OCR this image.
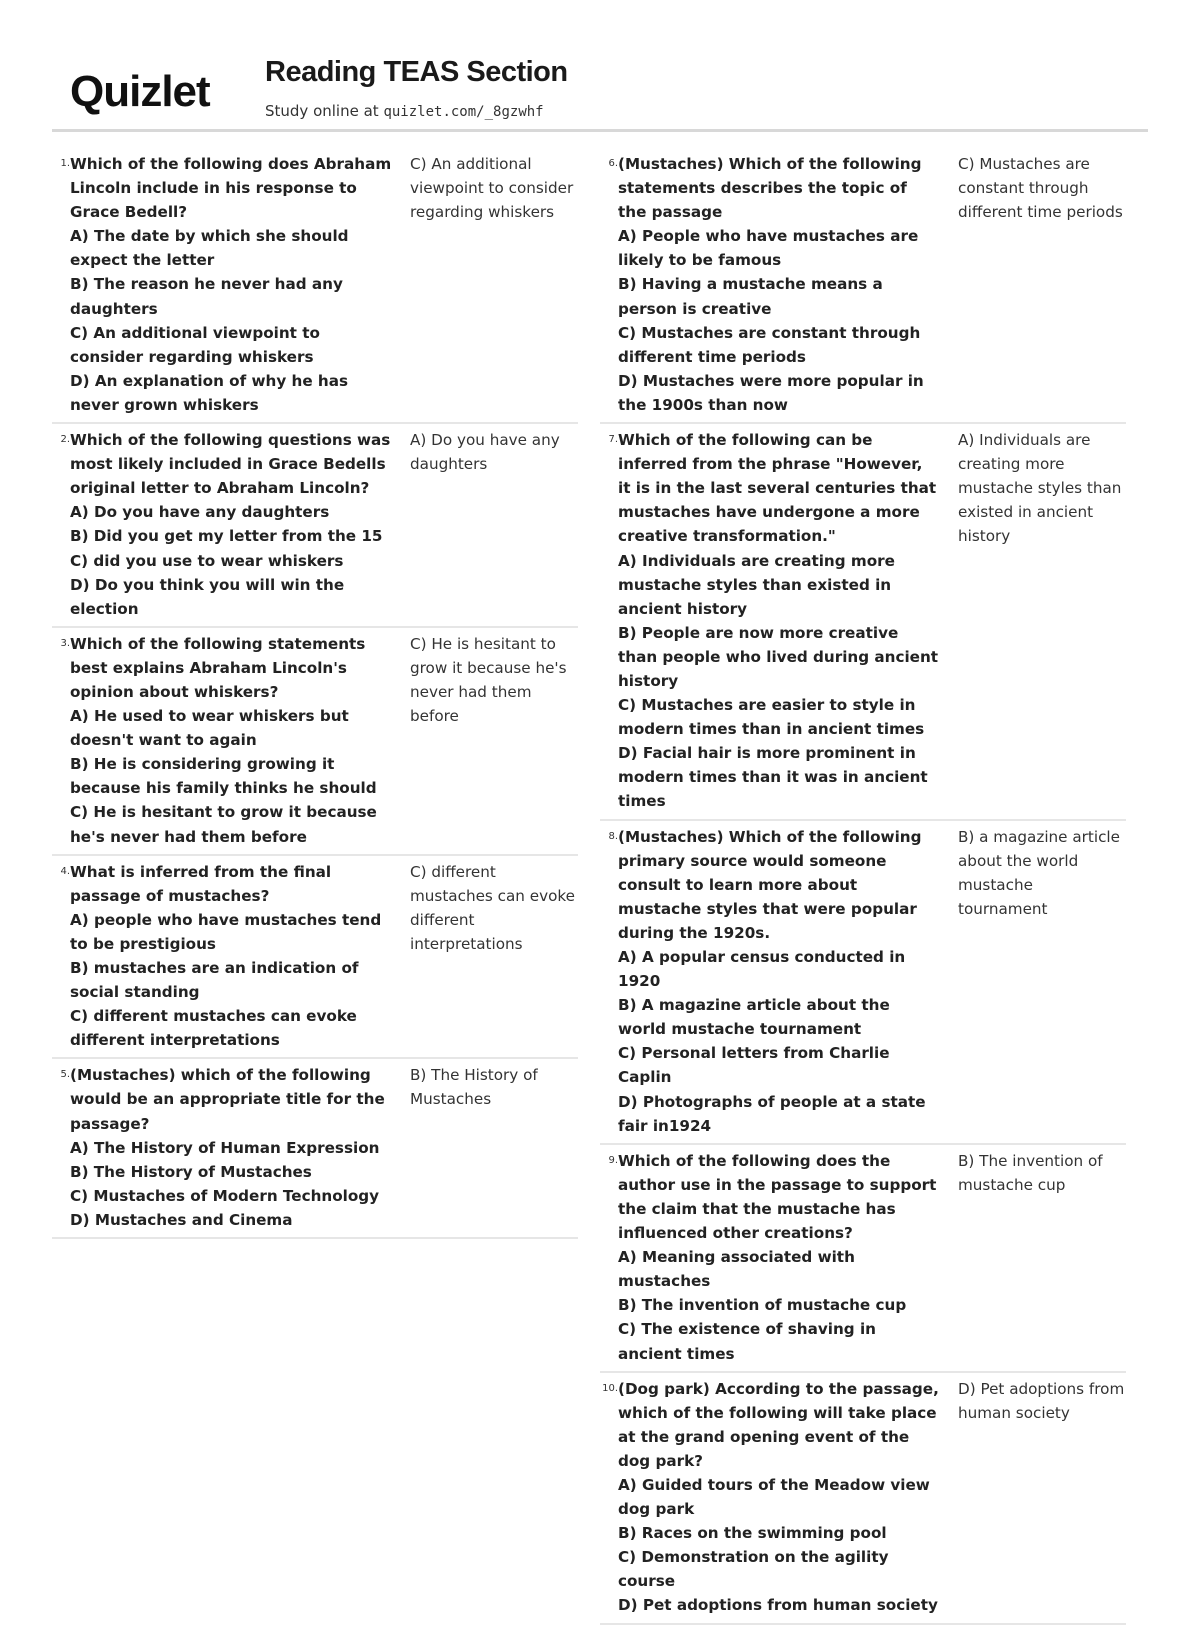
Quizlet Reading TEAS Section
Study online at quizlet.com/_8gzwhf
1. Which of the following does Abraham Lincoln include in his response to Grace Bedell?
A) The date by which she should expect the letter
B) The reason he never had any daughters
C) An additional viewpoint to consider regarding whiskers
D) An explanation of why he has never grown whiskers
C) An additional viewpoint to consider regarding whiskers
2. Which of the following questions was most likely included in Grace Bedells original letter to Abraham Lincoln?
A) Do you have any daughters
B) Did you get my letter from the 15
C) did you use to wear whiskers
D) Do you think you will win the election
A) Do you have any daughters
3. Which of the following statements best explains Abraham Lincoln's opinion about whiskers?
A) He used to wear whiskers but doesn't want to again
B) He is considering growing it because his family thinks he should
C) He is hesitant to grow it because he's never had them before
C) He is hesitant to grow it because he's never had them before
4. What is inferred from the final passage of mustaches?
A) people who have mustaches tend to be prestigious
B) mustaches are an indication of social standing
C) different mustaches can evoke different interpretations
C) different mustaches can evoke different interpretations
5. (Mustaches) which of the following would be an appropriate title for the passage?
A) The History of Human Expression
B) The History of Mustaches
C) Mustaches of Modern Technology
D) Mustaches and Cinema
B) The History of Mustaches
6. (Mustaches) Which of the following statements describes the topic of the passage
A) People who have mustaches are likely to be famous
B) Having a mustache means a person is creative
C) Mustaches are constant through different time periods
D) Mustaches were more popular in the 1900s than now
C) Mustaches are constant through different time periods
7. Which of the following can be inferred from the phrase "However, it is in the last several centuries that mustaches have undergone a more creative transformation."
A) Individuals are creating more mustache styles than existed in ancient history
B) People are now more creative than people who lived during ancient history
C) Mustaches are easier to style in modern times than in ancient times
D) Facial hair is more prominent in modern times than it was in ancient times
A) Individuals are creating more mustache styles than existed in ancient history
8. (Mustaches) Which of the following primary source would someone consult to learn more about mustache styles that were popular during the 1920s.
A) A popular census conducted in 1920
B) A magazine article about the world mustache tournament
C) Personal letters from Charlie Caplin
D) Photographs of people at a state fair in1924
B) a magazine article about the world mustache tournament
9. Which of the following does the author use in the passage to support the claim that the mustache has influenced other creations?
A) Meaning associated with mustaches
B) The invention of mustache cup
C) The existence of shaving in ancient times
B) The invention of mustache cup
10. (Dog park) According to the passage, which of the following will take place at the grand opening event of the dog park?
A) Guided tours of the Meadow view dog park
B) Races on the swimming pool
C) Demonstration on the agility course
D) Pet adoptions from human society
D) Pet adoptions from human society
